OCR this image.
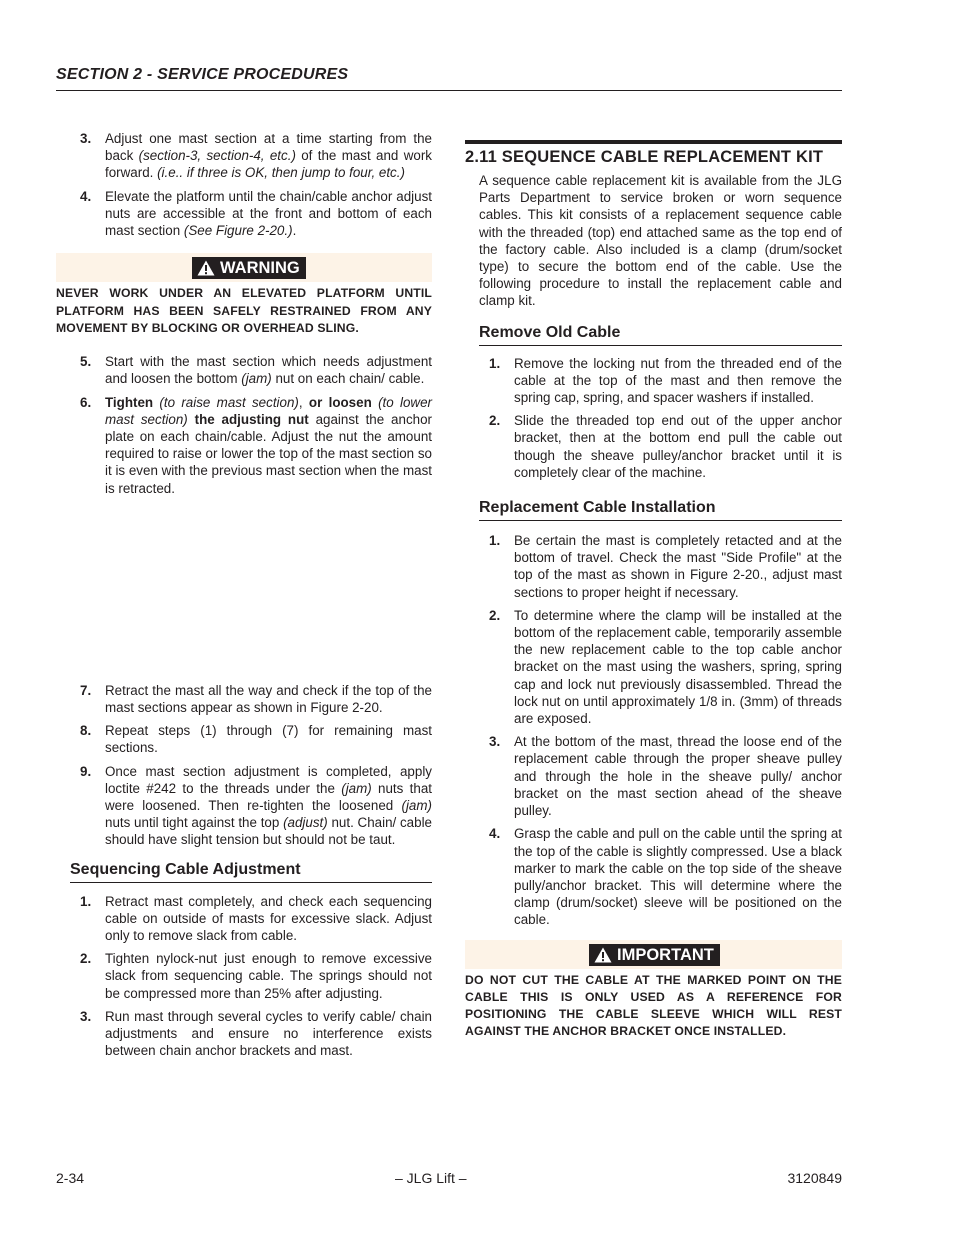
SECTION 2 - SERVICE PROCEDURES
3.	Adjust one mast section at a time starting from the back (section-3, section-4, etc.) of the mast and work forward. (i.e.. if three is OK, then jump to four, etc.)
4.	Elevate the platform until the chain/cable anchor adjust nuts are accessible at the front and bottom of each mast section (See Figure 2-20.).
WARNING
NEVER WORK UNDER AN ELEVATED PLATFORM UNTIL PLATFORM HAS BEEN SAFELY RESTRAINED FROM ANY MOVEMENT BY BLOCKING OR OVERHEAD SLING.
5.	Start with the mast section which needs adjustment and loosen the bottom (jam) nut on each chain/ cable.
6.	Tighten (to raise mast section), or loosen (to lower mast section) the adjusting nut against the anchor plate on each chain/cable. Adjust the nut the amount required to raise or lower the top of the mast section so it is even with the previous mast section when the mast is retracted.
7.	Retract the mast all the way and check if the top of the mast sections appear as shown in Figure 2-20.
8.	Repeat steps (1) through (7) for remaining mast sections.
9.	Once mast section adjustment is completed, apply loctite #242 to the threads under the (jam) nuts that were loosened. Then re-tighten the loosened (jam) nuts until tight against the top (adjust) nut. Chain/ cable should have slight tension but should not be taut.
Sequencing Cable Adjustment
1.	Retract mast completely, and check each sequencing cable on outside of masts for excessive slack. Adjust only to remove slack from cable.
2.	Tighten nylock-nut just enough to remove excessive slack from sequencing cable. The springs should not be compressed more than 25% after adjusting.
3.	Run mast through several cycles to verify cable/ chain adjustments and ensure no interference exists between chain anchor brackets and mast.
2.11 SEQUENCE CABLE REPLACEMENT KIT
A sequence cable replacement kit is available from the JLG Parts Department to service broken or worn sequence cables. This kit consists of a replacement sequence cable with the threaded (top) end attached same as the top end of the factory cable. Also included is a clamp (drum/socket type) to secure the bottom end of the cable. Use the following procedure to install the replacement cable and clamp kit.
Remove Old Cable
1.	Remove the locking nut from the threaded end of the cable at the top of the mast and then remove the spring cap, spring, and spacer washers if installed.
2.	Slide the threaded top end out of the upper anchor bracket, then at the bottom end pull the cable out though the sheave pulley/anchor bracket until it is completely clear of the machine.
Replacement Cable Installation
1.	Be certain the mast is completely retacted and at the bottom of travel. Check the mast "Side Profile" at the top of the mast as shown in Figure 2-20., adjust mast sections to proper height if necessary.
2.	To determine where the clamp will be installed at the bottom of the replacement cable, temporarily assemble the new replacement cable to the top cable anchor bracket on the mast using the washers, spring, spring cap and lock nut previously disassembled. Thread the lock nut on until approximately 1/8 in. (3mm) of threads are exposed.
3.	At the bottom of the mast, thread the loose end of the replacement cable through the proper sheave pulley and through the hole in the sheave pully/ anchor bracket on the mast section ahead of the sheave pulley.
4.	Grasp the cable and pull on the cable until the spring at the top of the cable is slightly compressed. Use a black marker to mark the cable on the top side of the sheave pully/anchor bracket. This will determine where the clamp (drum/socket) sleeve will be positioned on the cable.
IMPORTANT
DO NOT CUT THE CABLE AT THE MARKED POINT ON THE CABLE THIS IS ONLY USED AS A REFERENCE FOR POSITIONING THE CABLE SLEEVE WHICH WILL REST AGAINST THE ANCHOR BRACKET ONCE INSTALLED.
2-34	– JLG Lift –	3120849
